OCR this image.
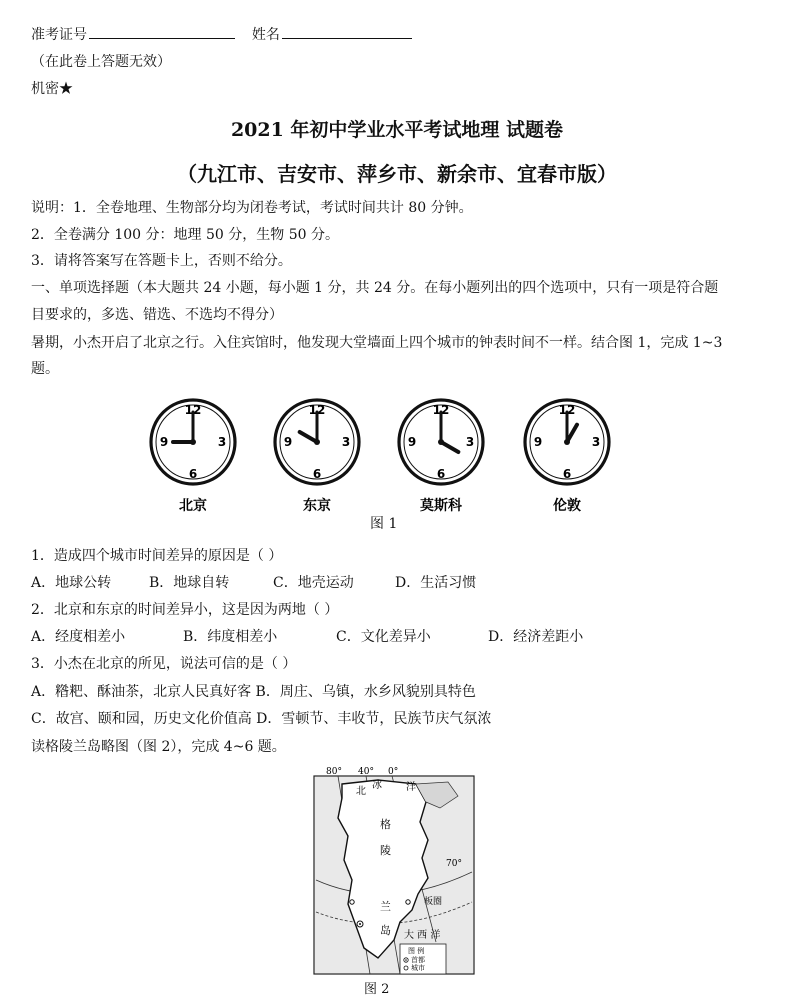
准考证号	姓名
（在此卷上答题无效）
机密★
2021 年初中学业水平考试地理 试题卷
（九江市、吉安市、萍乡市、新余市、宜春市版）
说明：1．全卷地理、生物部分均为闭卷考试，考试时间共计 80 分钟。
2．全卷满分 100 分：地理 50 分，生物 50 分。
3．请将答案写在答题卡上，否则不给分。
一、单项选择题（本大题共 24 小题，每小题 1 分，共 24 分。在每小题列出的四个选项中，只有一项是符合题
目要求的，多选、错选、不选均不得分）
暑期，小杰开启了北京之行。入住宾馆时，他发现大堂墙面上四个城市的钟表时间不一样。结合图 1，完成 1~3
题。
12
3
6
9
北京
12
3
6
9
东京
12
3
6
9
莫斯科
12
3
6
9
伦敦
图 1
1．造成四个城市时间差异的原因是（ ）
A．地球公转	B．地球自转	C．地壳运动	D．生活习惯
2．北京和东京的时间差异小，这是因为两地（ ）
A．经度相差小	B．纬度相差小	C．文化差异小	D．经济差距小
3．小杰在北京的所见，说法可信的是（ ）
A．糌粑、酥油茶，北京人民真好客 B．周庄、乌镇，水乡风貌别具特色
C．故宫、颐和园，历史文化价值高 D．雪顿节、丰收节，民族节庆气氛浓
读格陵兰岛略图（图 2），完成 4~6 题。
80° 40° 0°
70°
北
冰 洋
格
陵
兰
岛 大 西 洋
板圈
图 例
首都
城市
图 2
